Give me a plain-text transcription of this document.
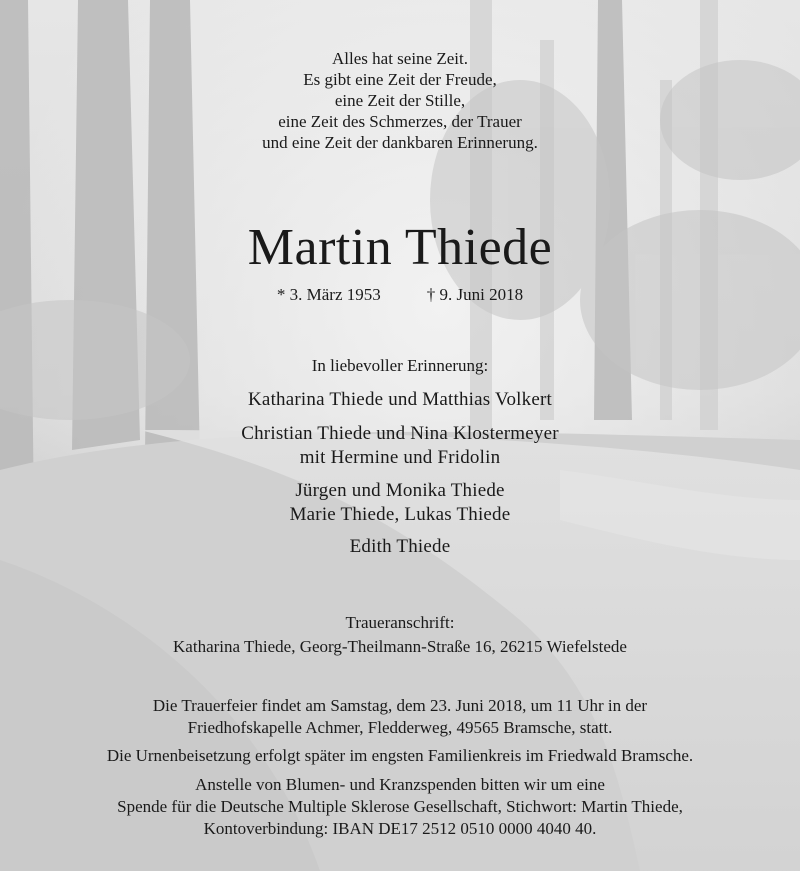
Alles hat seine Zeit.
Es gibt eine Zeit der Freude,
eine Zeit der Stille,
eine Zeit des Schmerzes, der Trauer
und eine Zeit der dankbaren Erinnerung.
Martin Thiede
* 3. März 1953	† 9. Juni 2018
In liebevoller Erinnerung:
Katharina Thiede und Matthias Volkert
Christian Thiede und Nina Klostermeyer
mit Hermine und Fridolin
Jürgen und Monika Thiede
Marie Thiede, Lukas Thiede
Edith Thiede
Traueranschrift:
Katharina Thiede, Georg-Theilmann-Straße 16, 26215 Wiefelstede
Die Trauerfeier findet am Samstag, dem 23. Juni 2018, um 11 Uhr in der
Friedhofskapelle Achmer, Fledderweg, 49565 Bramsche, statt.
Die Urnenbeisetzung erfolgt später im engsten Familienkreis im Friedwald Bramsche.
Anstelle von Blumen- und Kranzspenden bitten wir um eine
Spende für die Deutsche Multiple Sklerose Gesellschaft, Stichwort: Martin Thiede,
Kontoverbindung: IBAN DE17 2512 0510 0000 4040 40.
